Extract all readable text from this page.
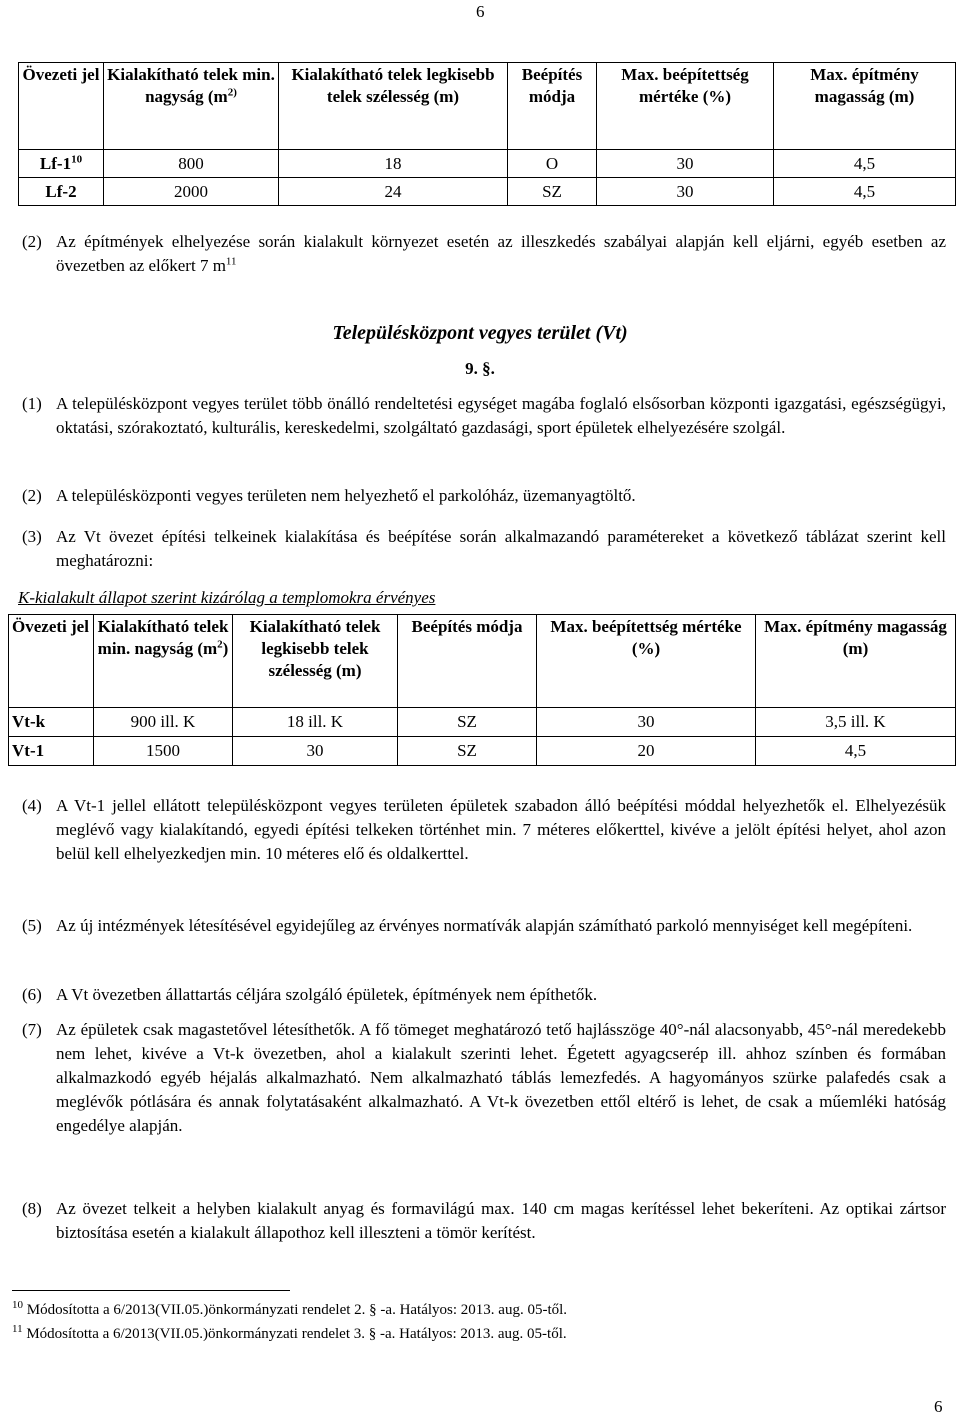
6
Övezeti jel	Kialakítható telek min. nagyság ($m^{2)}$	Kialakítható telek legkisebb telek szélesség (m)	Beépítés módja	Max. beépítettség mértéke (%)	Max. építmény magasság (m)
$Lf-1^{10}$	800	18	O	30	4,5
Lf-2	2000	24	SZ	30	4,5
(2) Az építmények elhelyezése során kialakult környezet esetén az illeszkedés szabályai alapján kell eljárni, egyéb esetben az övezetben az előkert 7 $m^{11}$
Településközpont vegyes terület (Vt)
9. §.
(1) A településközpont vegyes terület több önálló rendeltetési egységet magába foglaló elsősorban központi igazgatási, egészségügyi, oktatási, szórakoztató, kulturális, kereskedelmi, szolgáltató gazdasági, sport épületek elhelyezésére szolgál.
(2) A településközponti vegyes területen nem helyezhető el parkolóház, üzemanyagtöltő.
(3) Az Vt övezet építési telkeinek kialakítása és beépítése során alkalmazandó paramétereket a következő táblázat szerint kell meghatározni:
K-kialakult állapot szerint kizárólag a templomokra érvényes
Övezeti jel	Kialakítható telek min. nagyság $(m^2)$	Kialakítható telek legkisebb telek szélesség (m)	Beépítés módja	Max. beépítettség mértéke (%)	Max. építmény magasság (m)
Vt-k	900 ill. K	18 ill. K	SZ	30	3,5 ill. K
Vt-1	1500	30	SZ	20	4,5
(4) A Vt-1 jellel ellátott településközpont vegyes területen épületek szabadon álló beépítési móddal helyezhetők el. Elhelyezésük meglévő vagy kialakítandó, egyedi építési telkeken történhet min. 7 méteres előkerttel, kivéve a jelölt építési helyet, ahol azon belül kell elhelyezkedjen min. 10 méteres elő és oldalkerttel.
(5) Az új intézmények létesítésével egyidejűleg az érvényes normatívák alapján számítható parkoló mennyiséget kell megépíteni.
(6) A Vt övezetben állattartás céljára szolgáló épületek, építmények nem építhetők.
(7) Az épületek csak magastetővel létesíthetők. A fő tömeget meghatározó tető hajlásszöge 40°-nál alacsonyabb, 45°-nál meredekebb nem lehet, kivéve a Vt-k övezetben, ahol a kialakult szerinti lehet. Égetett agyagcserép ill. ahhoz színben és formában alkalmazkodó egyéb héjalás alkalmazható. Nem alkalmazható táblás lemezfedés. A hagyományos szürke palafedés csak a meglévők pótlására és annak folytatásaként alkalmazható. A Vt-k övezetben ettől eltérő is lehet, de csak a műemléki hatóság engedélye alapján.
(8) Az övezet telkeit a helyben kialakult anyag és formavilágú max. 140 cm magas kerítéssel lehet bekeríteni. Az optikai zártsor biztosítása esetén a kialakult állapothoz kell illeszteni a tömör kerítést.
$^{10}$ Módosította a 6/2013(VII.05.)önkormányzati rendelet 2. § -a. Hatályos: 2013. aug. 05-től.
$^{11}$ Módosította a 6/2013(VII.05.)önkormányzati rendelet 3. § -a. Hatályos: 2013. aug. 05-től.
6
